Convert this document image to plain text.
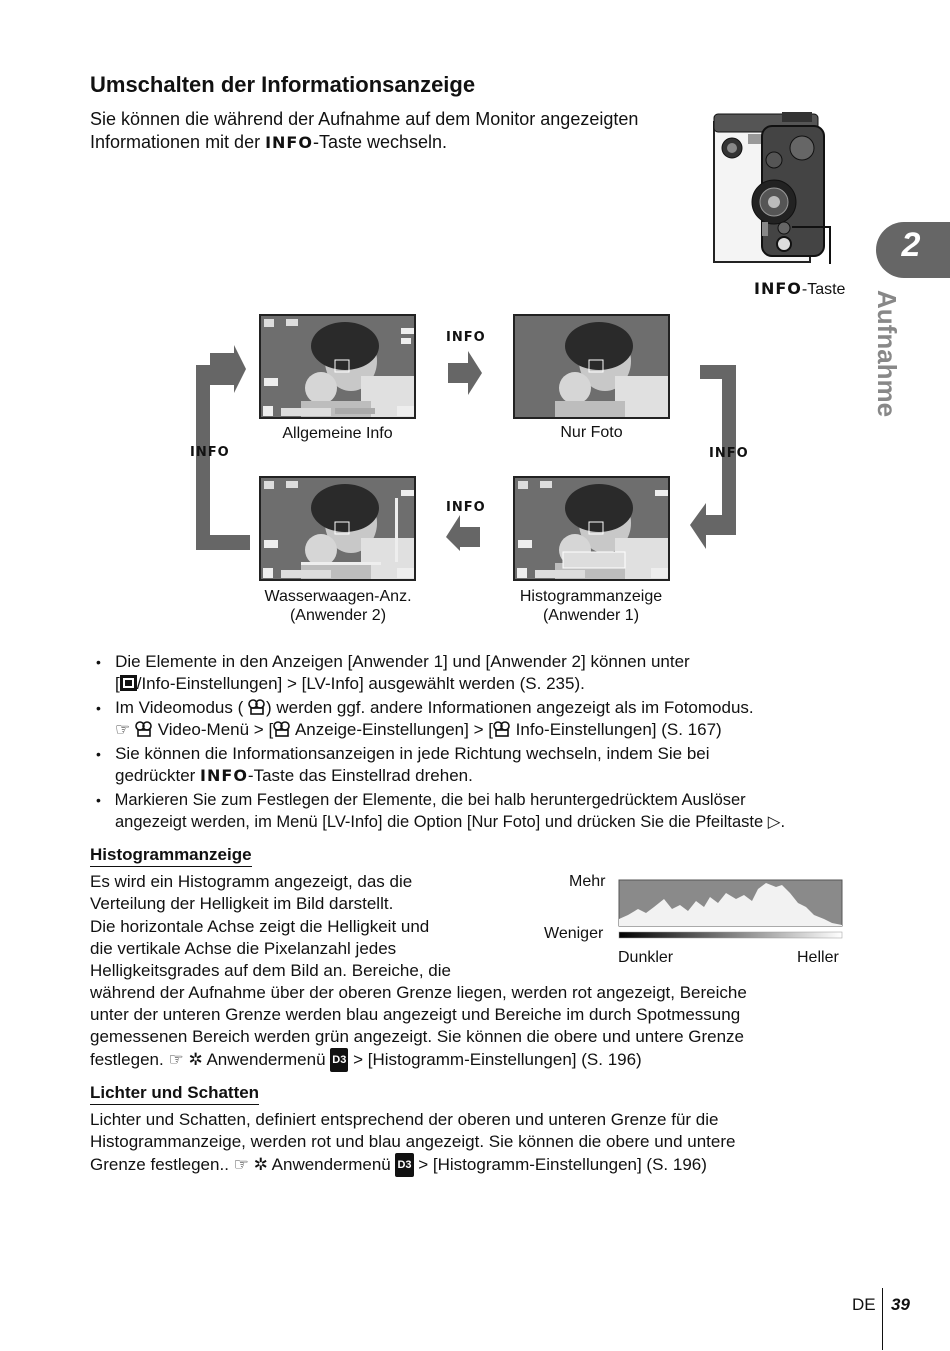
Umschalten der Informationsanzeige
Sie können die während der Aufnahme auf dem Monitor angezeigten
Informationen mit der INFO-Taste wechseln.
INFO-Taste
2
Aufnahme
INFO
INFO
INFO	INFO
Allgemeine Info	Nur Foto
Wasserwaagen-Anz.
(Anwender 2)
Histogrammanzeige
(Anwender 1)
• Die Elemente in den Anzeigen [Anwender 1] und [Anwender 2] können unter
[ /Info-Einstellungen] > [LV-Info] ausgewählt werden (S. 235).
• Im Videomodus ( ) werden ggf. andere Informationen angezeigt als im Fotomodus.
☞  Video-Menü > [ Anzeige-Einstellungen] > [ Info-Einstellungen] (S. 167)
• Sie können die Informationsanzeigen in jede Richtung wechseln, indem Sie bei
gedrückter INFO-Taste das Einstellrad drehen.
• Markieren Sie zum Festlegen der Elemente, die bei halb heruntergedrücktem Auslöser
angezeigt werden, im Menü [LV-Info] die Option [Nur Foto] und drücken Sie die Pfeiltaste ▷.
Histogrammanzeige
Es wird ein Histogramm angezeigt, das die
Verteilung der Helligkeit im Bild darstellt.
Die horizontale Achse zeigt die Helligkeit und
die vertikale Achse die Pixelanzahl jedes
Helligkeitsgrades auf dem Bild an. Bereiche, die
während der Aufnahme über der oberen Grenze liegen, werden rot angezeigt, Bereiche
unter der unteren Grenze werden blau angezeigt und Bereiche im durch Spotmessung
gemessenen Bereich werden grün angezeigt. Sie können die obere und untere Grenze
festlegen. ☞ ✲ Anwendermenü D3 > [Histogramm-Einstellungen] (S. 196)
Mehr
Weniger
Dunkler	Heller
Lichter und Schatten
Lichter und Schatten, definiert entsprechend der oberen und unteren Grenze für die
Histogrammanzeige, werden rot und blau angezeigt. Sie können die obere und untere
Grenze festlegen.. ☞ ✲ Anwendermenü D3 > [Histogramm-Einstellungen] (S. 196)
DE 39
